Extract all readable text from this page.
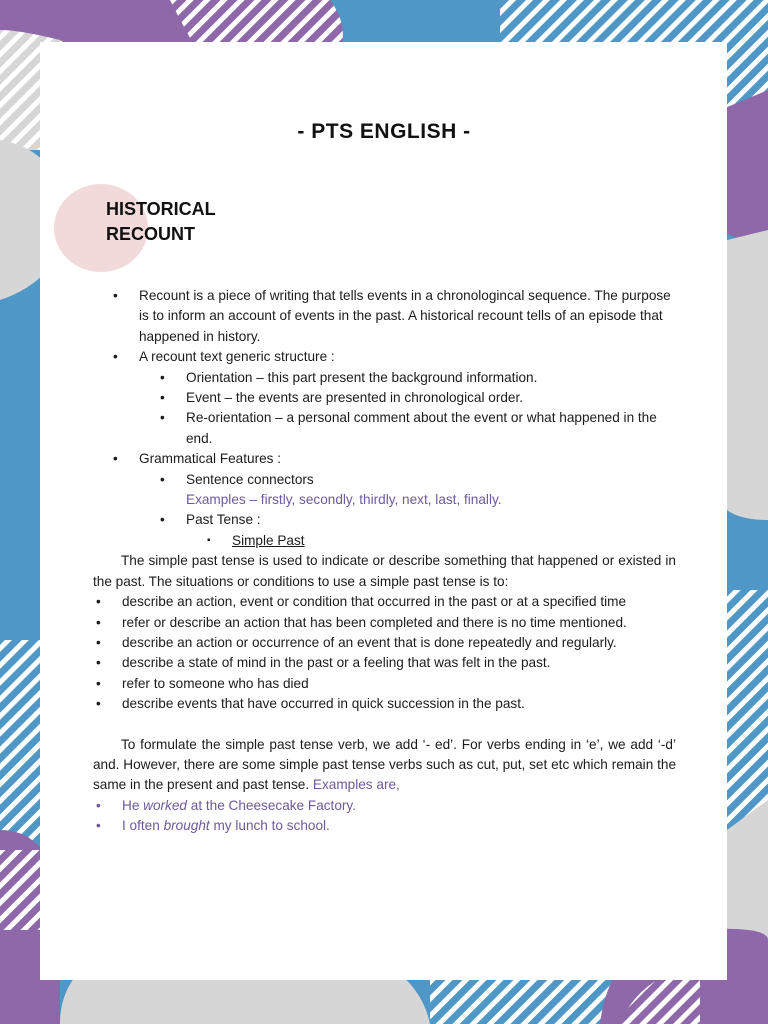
- PTS ENGLISH -
HISTORICAL
RECOUNT
• Recount is a piece of writing that tells events in a chronologincal sequence. The purpose is to inform an account of events in the past. A historical recount tells of an episode that happened in history.
• A recount text generic structure :
• Orientation – this part present the background information.
• Event – the events are presented in chronological order.
• Re-orientation – a personal comment about the event or what happened in the end.
• Grammatical Features :
• Sentence connectors
Examples – firstly, secondly, thirdly, next, last, finally.
• Past Tense :
▪ Simple Past
The simple past tense is used to indicate or describe something that happened or existed in the past. The situations or conditions to use a simple past tense is to:
• describe an action, event or condition that occurred in the past or at a specified time
• refer or describe an action that has been completed and there is no time mentioned.
• describe an action or occurrence of an event that is done repeatedly and regularly.
• describe a state of mind in the past or a feeling that was felt in the past.
• refer to someone who has died
• describe events that have occurred in quick succession in the past.
To formulate the simple past tense verb, we add ‘- ed’. For verbs ending in ‘e’, we add ‘-d’ and. However, there are some simple past tense verbs such as cut, put, set etc which remain the same in the present and past tense. Examples are,
• He worked at the Cheesecake Factory.
• I often brought my lunch to school.
